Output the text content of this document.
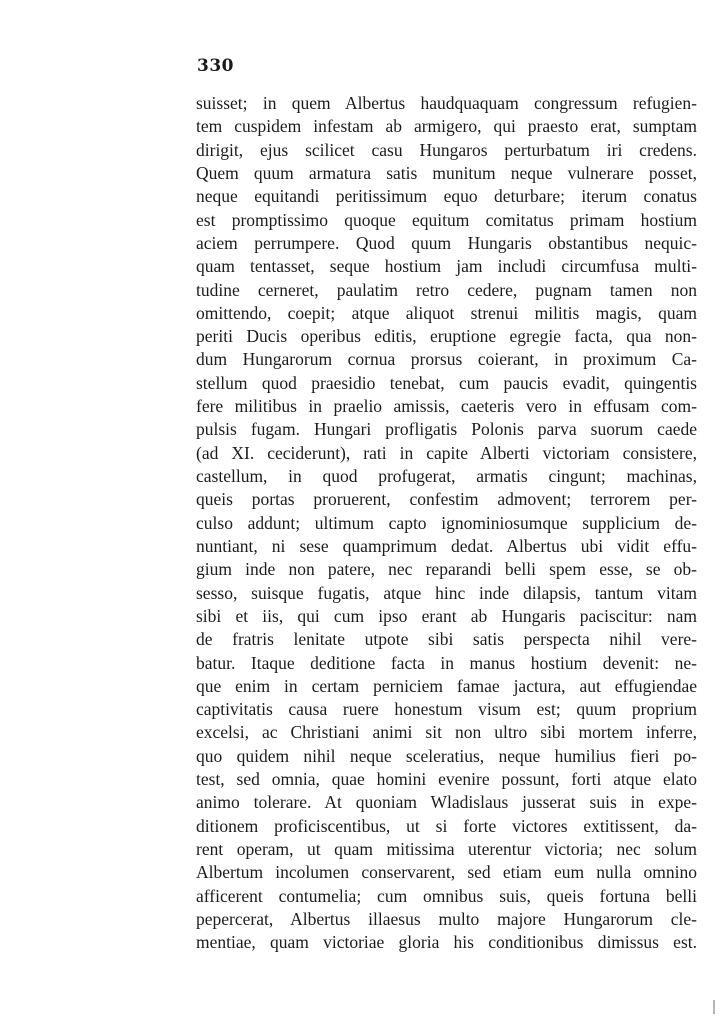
330
suisset; in quem Albertus haudquaquam congressum refugien-
tem cuspidem infestam ab armigero, qui praesto erat, sumptam
dirigit, ejus scilicet casu Hungaros perturbatum iri credens.
Quem quum armatura satis munitum neque vulnerare posset,
neque equitandi peritissimum equo deturbare; iterum conatus
est promptissimo quoque equitum comitatus primam hostium
aciem perrumpere. Quod quum Hungaris obstantibus nequic-
quam tentasset, seque hostium jam includi circumfusa multi-
tudine cerneret, paulatim retro cedere, pugnam tamen non
omittendo, coepit; atque aliquot strenui militis magis, quam
periti Ducis operibus editis, eruptione egregie facta, qua non-
dum Hungarorum cornua prorsus coierant, in proximum Ca-
stellum quod praesidio tenebat, cum paucis evadit, quingentis
fere militibus in praelio amissis, caeteris vero in effusam com-
pulsis fugam. Hungari profligatis Polonis parva suorum caede
(ad XI. ceciderunt), rati in capite Alberti victoriam consistere,
castellum, in quod profugerat, armatis cingunt; machinas,
queis portas proruerent, confestim admovent; terrorem per-
culso addunt; ultimum capto ignominiosumque supplicium de-
nuntiant, ni sese quamprimum dedat. Albertus ubi vidit effu-
gium inde non patere, nec reparandi belli spem esse, se ob-
sesso, suisque fugatis, atque hinc inde dilapsis, tantum vitam
sibi et iis, qui cum ipso erant ab Hungaris paciscitur: nam
de fratris lenitate utpote sibi satis perspecta nihil vere-
batur. Itaque deditione facta in manus hostium devenit: ne-
que enim in certam perniciem famae jactura, aut effugiendae
captivitatis causa ruere honestum visum est; quum proprium
excelsi, ac Christiani animi sit non ultro sibi mortem inferre,
quo quidem nihil neque sceleratius, neque humilius fieri po-
test, sed omnia, quae homini evenire possunt, forti atque elato
animo tolerare. At quoniam Wladislaus jusserat suis in expe-
ditionem proficiscentibus, ut si forte victores extitissent, da-
rent operam, ut quam mitissima uterentur victoria; nec solum
Albertum incolumen conservarent, sed etiam eum nulla omnino
afficerent contumelia; cum omnibus suis, queis fortuna belli
pepercerat, Albertus illaesus multo majore Hungarorum cle-
mentiae, quam victoriae gloria his conditionibus dimissus est.
